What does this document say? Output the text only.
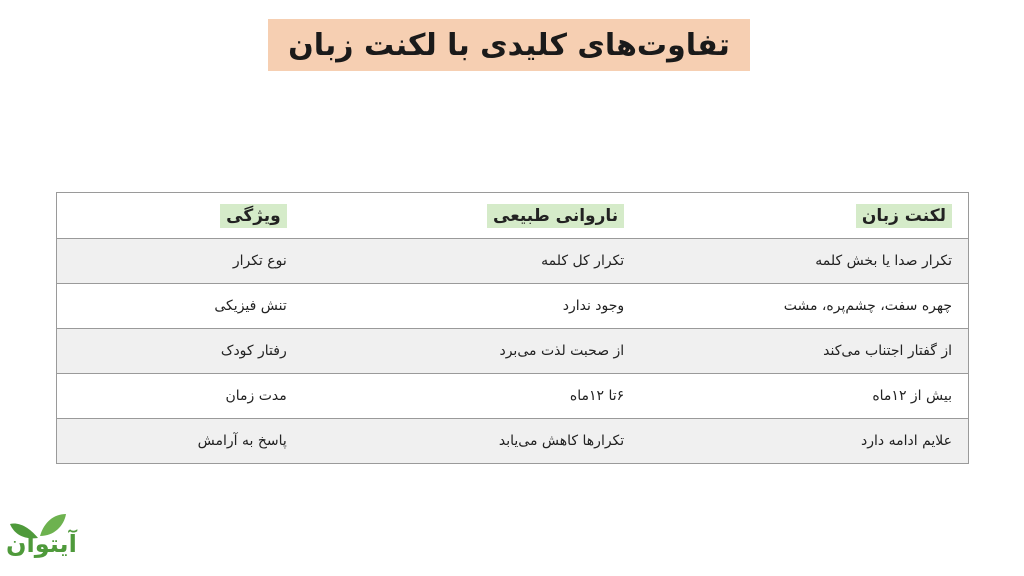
تفاوت‌های کلیدی با لکنت زبان
لکنت زبان	ناروانی طبیعی	ویژگی
تکرار صدا یا بخش کلمه	تکرار کل کلمه	نوع تکرار
چهره سفت، چشم‌پره، مشت	وجود ندارد	تنش فیزیکی
از گفتار اجتناب می‌کند	از صحبت لذت می‌برد	رفتار کودک
بیش از ۱۲ماه	۶تا ۱۲ماه	مدت زمان
علایم ادامه دارد	تکرارها کاهش می‌یابد	پاسخ به آرامش
آیتوان
